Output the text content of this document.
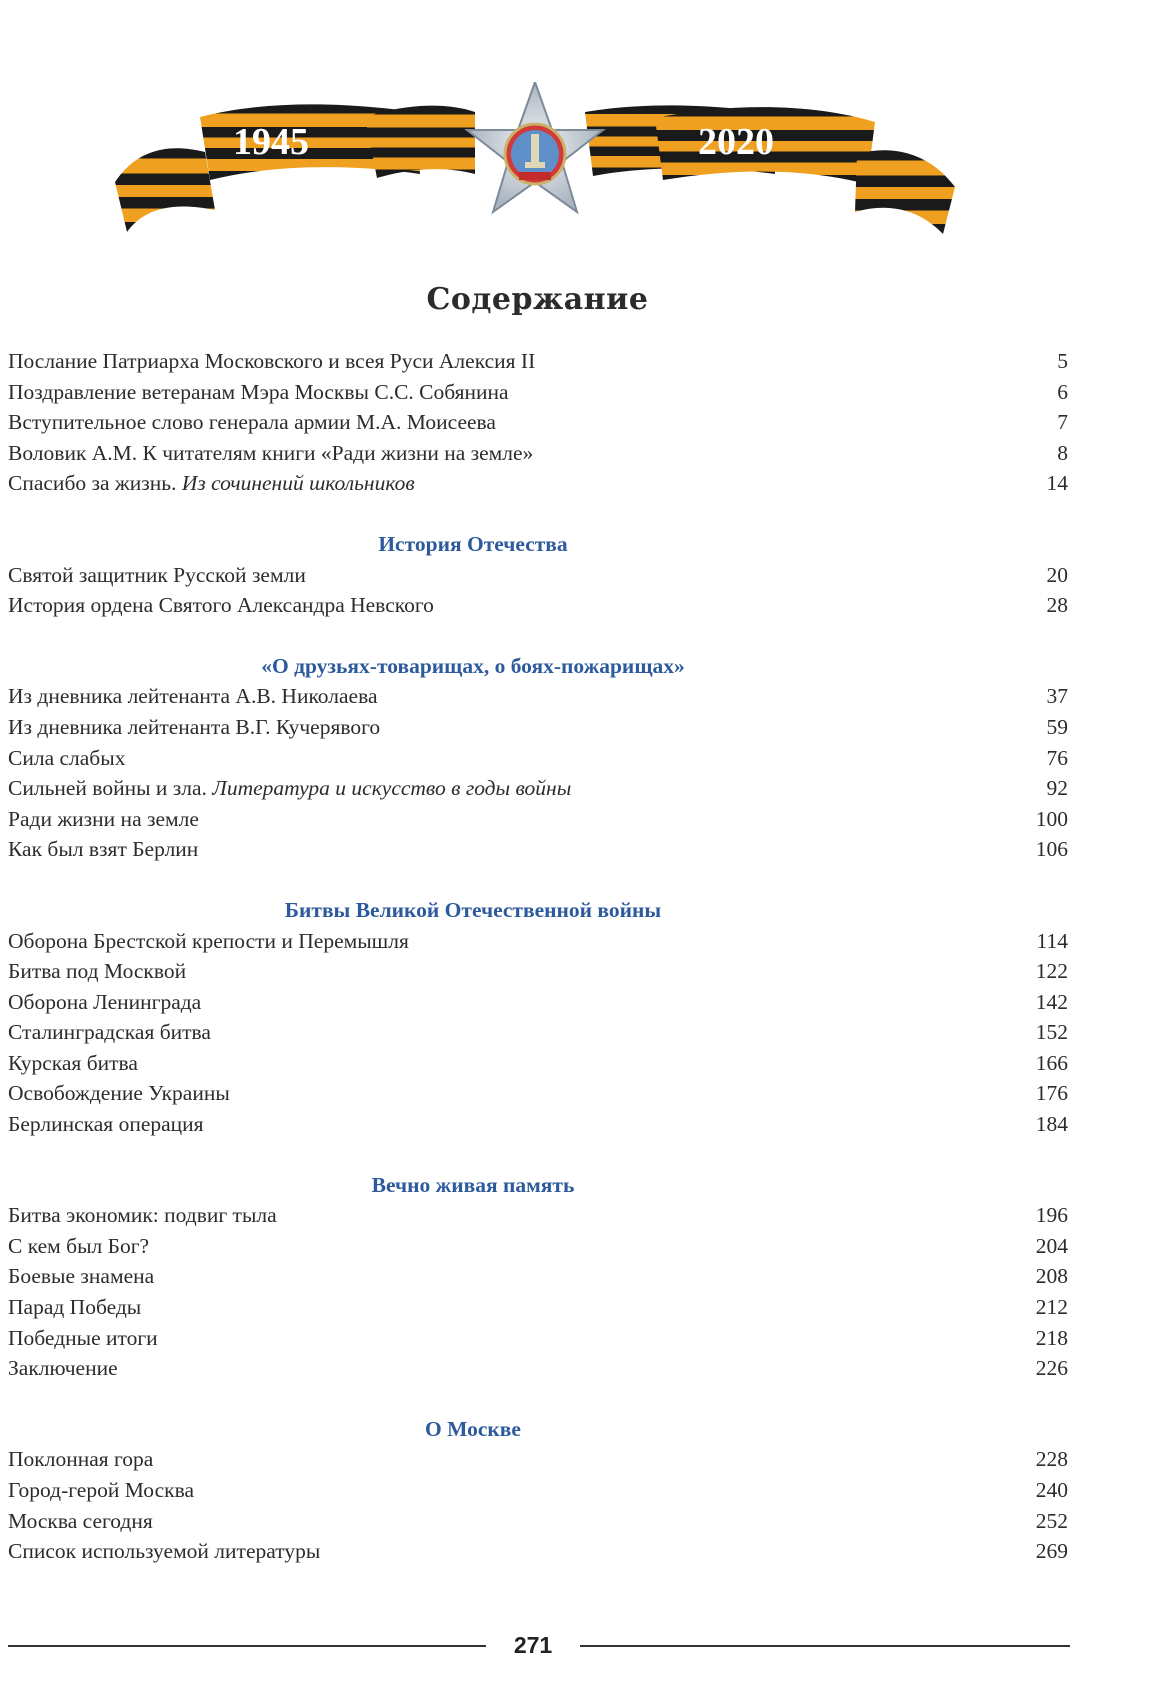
1945	2020
Содержание
Послание Патриарха Московского и всея Руси Алексия II	5
Поздравление ветеранам Мэра Москвы С.С. Собянина	6
Вступительное слово генерала армии М.А. Моисеева	7
Воловик А.М. К читателям книги «Ради жизни на земле»	8
Спасибо за жизнь. Из сочинений школьников	14
История Отечества
Святой защитник Русской земли	20
История ордена Святого Александра Невского	28
«О друзьях-товарищах, о боях-пожарищах»
Из дневника лейтенанта А.В. Николаева	37
Из дневника лейтенанта В.Г. Кучерявого	59
Сила слабых	76
Сильней войны и зла. Литература и искусство в годы войны	92
Ради жизни на земле	100
Как был взят Берлин	106
Битвы Великой Отечественной войны
Оборона Брестской крепости и Перемышля	114
Битва под Москвой	122
Оборона Ленинграда	142
Сталинградская битва	152
Курская битва	166
Освобождение Украины	176
Берлинская операция	184
Вечно живая память
Битва экономик: подвиг тыла	196
С кем был Бог?	204
Боевые знамена	208
Парад Победы	212
Победные итоги	218
Заключение	226
О Москве
Поклонная гора	228
Город-герой Москва	240
Москва сегодня	252
Список используемой литературы	269
271
